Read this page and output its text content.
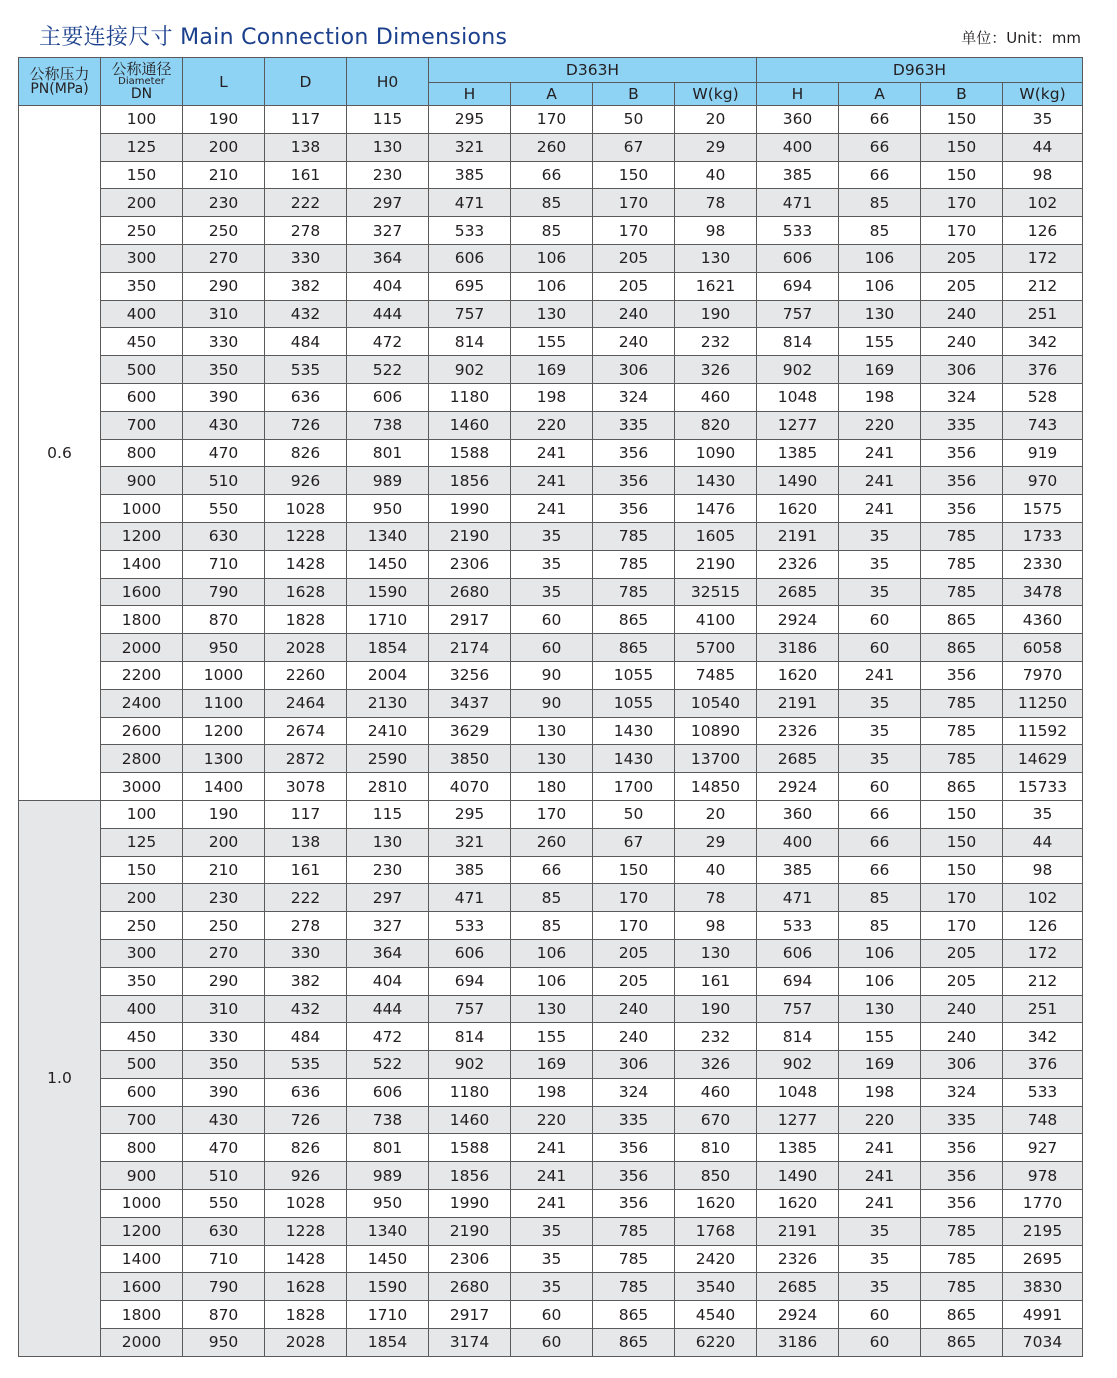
主要连接尺寸 Main Connection Dimensions	单位：Unit：mm
公称压力
PN(MPa)	公称通径
Diameter
DN	L	D	H0	D363H				D963H			
					H	A	B	W(kg)	H	A	B	W(kg)
0.6	100	190	117	115	295	170	50	20	360	66	150	35
	125	200	138	130	321	260	67	29	400	66	150	44
	150	210	161	230	385	66	150	40	385	66	150	98
	200	230	222	297	471	85	170	78	471	85	170	102
	250	250	278	327	533	85	170	98	533	85	170	126
	300	270	330	364	606	106	205	130	606	106	205	172
	350	290	382	404	695	106	205	1621	694	106	205	212
	400	310	432	444	757	130	240	190	757	130	240	251
	450	330	484	472	814	155	240	232	814	155	240	342
	500	350	535	522	902	169	306	326	902	169	306	376
	600	390	636	606	1180	198	324	460	1048	198	324	528
	700	430	726	738	1460	220	335	820	1277	220	335	743
	800	470	826	801	1588	241	356	1090	1385	241	356	919
	900	510	926	989	1856	241	356	1430	1490	241	356	970
	1000	550	1028	950	1990	241	356	1476	1620	241	356	1575
	1200	630	1228	1340	2190	35	785	1605	2191	35	785	1733
	1400	710	1428	1450	2306	35	785	2190	2326	35	785	2330
	1600	790	1628	1590	2680	35	785	32515	2685	35	785	3478
	1800	870	1828	1710	2917	60	865	4100	2924	60	865	4360
	2000	950	2028	1854	2174	60	865	5700	3186	60	865	6058
	2200	1000	2260	2004	3256	90	1055	7485	1620	241	356	7970
	2400	1100	2464	2130	3437	90	1055	10540	2191	35	785	11250
	2600	1200	2674	2410	3629	130	1430	10890	2326	35	785	11592
	2800	1300	2872	2590	3850	130	1430	13700	2685	35	785	14629
	3000	1400	3078	2810	4070	180	1700	14850	2924	60	865	15733
1.0	100	190	117	115	295	170	50	20	360	66	150	35
	125	200	138	130	321	260	67	29	400	66	150	44
	150	210	161	230	385	66	150	40	385	66	150	98
	200	230	222	297	471	85	170	78	471	85	170	102
	250	250	278	327	533	85	170	98	533	85	170	126
	300	270	330	364	606	106	205	130	606	106	205	172
	350	290	382	404	694	106	205	161	694	106	205	212
	400	310	432	444	757	130	240	190	757	130	240	251
	450	330	484	472	814	155	240	232	814	155	240	342
	500	350	535	522	902	169	306	326	902	169	306	376
	600	390	636	606	1180	198	324	460	1048	198	324	533
	700	430	726	738	1460	220	335	670	1277	220	335	748
	800	470	826	801	1588	241	356	810	1385	241	356	927
	900	510	926	989	1856	241	356	850	1490	241	356	978
	1000	550	1028	950	1990	241	356	1620	1620	241	356	1770
	1200	630	1228	1340	2190	35	785	1768	2191	35	785	2195
	1400	710	1428	1450	2306	35	785	2420	2326	35	785	2695
	1600	790	1628	1590	2680	35	785	3540	2685	35	785	3830
	1800	870	1828	1710	2917	60	865	4540	2924	60	865	4991
	2000	950	2028	1854	3174	60	865	6220	3186	60	865	7034
